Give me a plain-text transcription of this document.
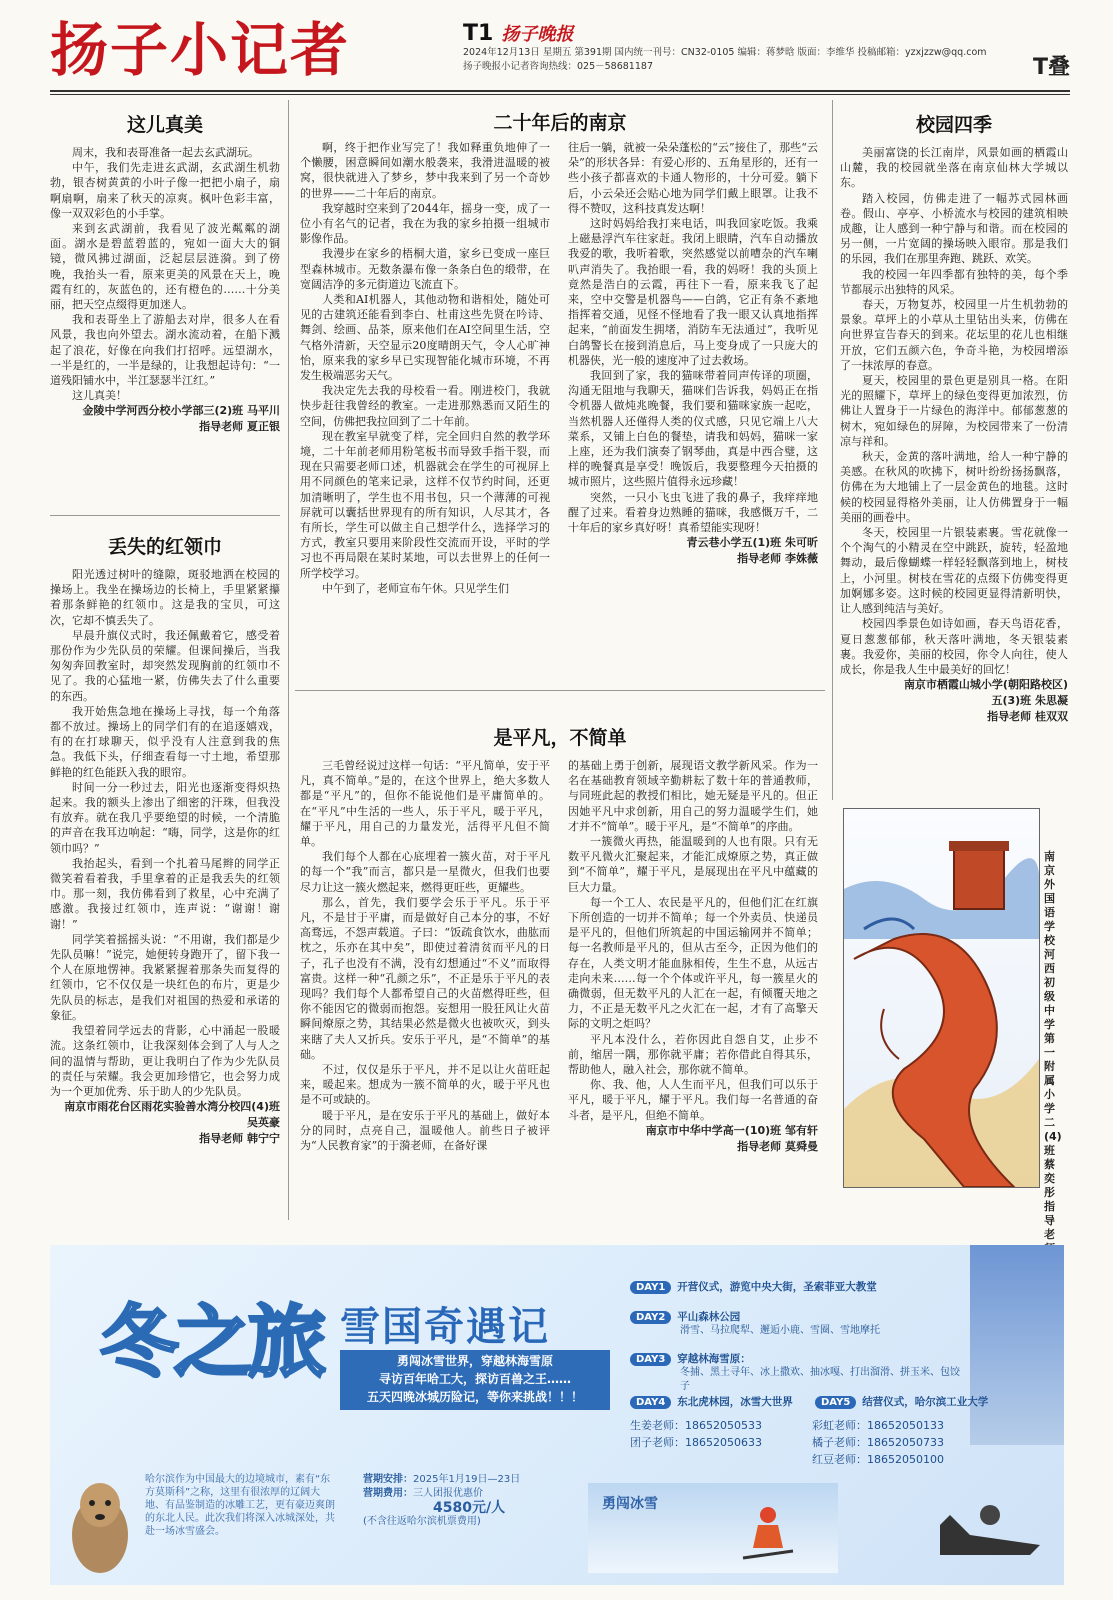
扬子小记者	T1 扬子晚报
2024年12月13日 星期五 第391期 国内统一刊号：CN32-0105 编辑：蒋梦晗 版面：李维华 投稿邮箱：yzxjzzw@qq.com
扬子晚报小记者咨询热线：025－58681187	T叠
这儿真美

周末，我和表哥准备一起去玄武湖玩。

中午，我们先走进玄武湖，玄武湖生机勃勃，银杏树黄黄的小叶子像一把把小扇子，扇啊扇啊，扇来了秋天的凉爽。枫叶色彩丰富，像一双双彩色的小手掌。

来到玄武湖前，我看见了波光粼粼的湖面。湖水是碧蓝碧蓝的，宛如一面大大的铜镜，微风拂过湖面，泛起层层涟漪。到了傍晚，我抬头一看，原来更美的风景在天上，晚霞有红的，灰蓝色的，还有橙色的……十分美丽，把天空点缀得更加迷人。

我和表哥坐上了游船去对岸，很多人在看风景，我也向外望去。湖水流动着，在船下溅起了浪花，好像在向我们打招呼。远望湖水，一半是红的，一半是绿的，让我想起诗句：“一道残阳铺水中，半江瑟瑟半江红。”

这儿真美！

金陵中学河西分校小学部三(2)班 马平川
指导老师 夏正银
丢失的红领巾

阳光透过树叶的缝隙，斑驳地洒在校园的操场上。我坐在操场边的长椅上，手里紧紧攥着那条鲜艳的红领巾。这是我的宝贝，可这次，它却不慎丢失了。

早晨升旗仪式时，我还佩戴着它，感受着那份作为少先队员的荣耀。但课间操后，当我匆匆奔回教室时，却突然发现胸前的红领巾不见了。我的心猛地一紧，仿佛失去了什么重要的东西。

我开始焦急地在操场上寻找，每一个角落都不放过。操场上的同学们有的在追逐嬉戏，有的在打球聊天，似乎没有人注意到我的焦急。我低下头，仔细查看每一寸土地，希望那鲜艳的红色能跃入我的眼帘。

时间一分一秒过去，阳光也逐渐变得炽热起来。我的额头上渗出了细密的汗珠，但我没有放弃。就在我几乎要绝望的时候，一个清脆的声音在我耳边响起：“嗨，同学，这是你的红领巾吗？”

我抬起头，看到一个扎着马尾辫的同学正微笑着看着我，手里拿着的正是我丢失的红领巾。那一刻，我仿佛看到了救星，心中充满了感激。我接过红领巾，连声说：“谢谢！谢谢！”

同学笑着摇摇头说：“不用谢，我们都是少先队员嘛！”说完，她便转身跑开了，留下我一个人在原地愣神。我紧紧握着那条失而复得的红领巾，它不仅仅是一块红色的布片，更是少先队员的标志，是我们对祖国的热爱和承诺的象征。

我望着同学远去的背影，心中涌起一股暖流。这条红领巾，让我深刻体会到了人与人之间的温情与帮助，更让我明白了作为少先队员的责任与荣耀。我会更加珍惜它，也会努力成为一个更加优秀、乐于助人的少先队员。

南京市雨花台区雨花实验善水湾分校四(4)班 吴英豪
指导老师 韩宁宁
二十年后的南京

啊，终于把作业写完了！我如释重负地伸了一个懒腰，困意瞬间如潮水般袭来，我滑进温暖的被窝，很快就进入了梦乡，梦中我来到了另一个奇妙的世界——二十年后的南京。

我穿越时空来到了2044年，摇身一变，成了一位小有名气的记者，我在为我的家乡拍摄一组城市影像作品。

我漫步在家乡的梧桐大道，家乡已变成一座巨型森林城市。无数条瀑布像一条条白色的缎带，在宽阔洁净的多元街道边飞流直下。

人类和AI机器人，其他动物和谐相处，随处可见的古建筑还能看到李白、杜甫这些先贤在吟诗、舞剑、绘画、品茶，原来他们在AI空间里生活，空气格外清新，天空显示20度晴朗天气，令人心旷神怡，原来我的家乡早已实现智能化城市环境，不再发生极端恶劣天气。

我决定先去我的母校看一看。刚进校门，我就快步赶往我曾经的教室。一走进那熟悉而又陌生的空间，仿佛把我拉回到了二十年前。

现在教室早就变了样，完全回归自然的教学环境，二十年前老师用粉笔板书而导致手指干裂，而现在只需要老师口述，机器就会在学生的可视屏上用不同颜色的笔来记录，这样不仅节约时间，还更加清晰明了，学生也不用书包，只一个薄薄的可视屏就可以囊括世界现有的所有知识，人尽其才，各有所长，学生可以做主自己想学什么，选择学习的方式，教室只要用来阶段性交流而开设，平时的学习也不再局限在某时某地，可以去世界上的任何一所学校学习。

中午到了，老师宣布午休。只见学生们

往后一躺，就被一朵朵蓬松的“云”接住了，那些“云朵”的形状各异：有爱心形的、五角星形的，还有一些小孩子都喜欢的卡通人物形的，十分可爱。躺下后，小云朵还会贴心地为同学们戴上眼罩。让我不得不赞叹，这科技真发达啊！

这时妈妈给我打来电话，叫我回家吃饭。我乘上磁悬浮汽车往家赶。我闭上眼睛，汽车自动播放我爱的歌，我听着歌，突然感觉以前嘈杂的汽车喇叭声消失了。我抬眼一看，我的妈呀！我的头顶上竟然是浩白的云霞，再往下一看，原来我飞了起来，空中交警是机器鸟——白鸽，它正有条不紊地指挥着交通，见怪不怪地看了我一眼又认真地指挥起来，“前面发生拥堵，消防车无法通过”，我听见白鸽警长在接到消息后，马上变身成了一只庞大的机器侠，光一般的速度冲了过去救场。

我回到了家，我的猫咪带着同声传译的项圈，沟通无阻地与我聊天，猫咪们告诉我，妈妈正在指令机器人做炖兆晚餐，我们要和猫咪家族一起吃，当然机器人还僅得人类的仪式感，只见它端上八大菜系，又铺上白色的餐垫，请我和妈妈，猫咪一家上座，还为我们演奏了钢琴曲，真是中西合璧，这样的晚餐真是享受！晚饭后，我要整理今天拍摄的城市照片，这些照片值得永远珍藏！

突然，一只小飞虫飞进了我的鼻子，我痒痒地醒了过来。看着身边熟睡的猫咪，我感慨万千，二十年后的家乡真好呀！真希望能实现呀！

青云巷小学五(1)班 朱可昕
指导老师 李姝薇
是平凡，不简单

三毛曾经说过这样一句话：“平凡简单，安于平凡，真不简单。”是的，在这个世界上，绝大多数人都是“平凡”的，但你不能说他们是平庸简单的。在“平凡”中生活的一些人，乐于平凡，暖于平凡，耀于平凡，用自己的力量发光，活得平凡但不简单。

我们每个人都在心底埋着一簇火苗，对于平凡的每一个“我”而言，都只是一星微火，但我们也要尽力让这一簇火燃起来，燃得更旺些，更耀些。

那么，首先，我们要学会乐于平凡。乐于平凡，不是甘于平庸，而是做好自己本分的事，不好高骛远，不怨声载道。子曰：“饭疏食饮水，曲肱而枕之，乐亦在其中矣”，即使过着清贫而平凡的日子，孔子也没有不满，没有幻想通过“不义”而取得富贵。这样一种“孔颜之乐”，不正是乐于平凡的表现吗？我们每个人都希望自己的火苗燃得旺些，但你不能因它的微弱而抱怨。妄想用一股狂风让火苗瞬间燎原之势，其结果必然是微火也被吹灭，到头来瞎了夫人又折兵。安乐于平凡，是“不简单”的基础。

不过，仅仅是乐于平凡，并不足以让火苗旺起来，暖起来。想成为一簇不简单的火，暖于平凡也是不可或缺的。

暖于平凡，是在安乐于平凡的基础上，做好本分的同时，点亮自己，温暖他人。前些日子被评为“人民教育家”的于漪老师，在备好课

的基础上勇于创新，展现语文教学新风采。作为一名在基础教育领域辛勤耕耘了数十年的普通教师，与同班此起的教授们相比，她无疑是平凡的。但正因她平凡中求创新，用自己的努力温暖学生们，她才并不“简单”。暖于平凡，是“不简单”的序曲。

一簇微火再热，能温暖到的人也有限。只有无数平凡微火汇聚起来，才能汇成燎原之势，真正做到“不简单”，耀于平凡，是展现出在平凡中蕴藏的巨大力量。

每一个工人、农民是平凡的，但他们汇在红旗下所创造的一切并不简单；每一个外卖员、快递员是平凡的，但他们所筑起的中国运输网并不简单；每一名教师是平凡的，但从古至今，正因为他们的存在，人类文明才能血脉相传，生生不息，从远古走向未来……每一个个体或许平凡，每一簇星火的确微弱，但无数平凡的人汇在一起，有倾覆天地之力，不正是无数平凡之火汇在一起，才有了高擎天际的文明之炬吗？

平凡本没什么，若你因此自怨自艾，止步不前，缩居一隅，那你就平庸；若你借此自得其乐，帮助他人，融入社会，那你就不简单。

你、我、他，人人生而平凡，但我们可以乐于平凡，暖于平凡，耀于平凡。我们每一名普通的奋斗者，是平凡，但绝不简单。

南京市中华中学高一(10)班 邹有轩
指导老师 莫舜曼
校园四季

美丽富饶的长江南岸，风景如画的栖霞山山麓，我的校园就坐落在南京仙林大学城以东。

踏入校园，仿佛走进了一幅苏式园林画卷。假山、亭亭、小桥流水与校园的建筑相映成趣，让人感到一种宁静与和谐。而在校园的另一侧，一片宽阔的操场映入眼帘。那是我们的乐园，我们在那里奔跑、跳跃、欢笑。

我的校园一年四季都有独特的美，每个季节都展示出独特的风采。

春天，万物复苏，校园里一片生机勃勃的景象。草坪上的小草从土里钻出头来，仿佛在向世界宣告春天的到来。花坛里的花儿也相继开放，它们五颜六色，争奇斗艳，为校园增添了一抹浓厚的春意。

夏天，校园里的景色更是别具一格。在阳光的照耀下，草坪上的绿色变得更加浓烈，仿佛让人置身于一片绿色的海洋中。郁郁葱葱的树木，宛如绿色的屏障，为校园带来了一份清凉与祥和。

秋天，金黄的落叶满地，给人一种宁静的美感。在秋风的吹拂下，树叶纷纷扬扬飘落，仿佛在为大地铺上了一层金黄色的地毯。这时候的校园显得格外美丽，让人仿佛置身于一幅美丽的画卷中。

冬天，校园里一片银装素裹。雪花就像一个个淘气的小精灵在空中跳跃，旋转，轻盈地舞动，最后像蝴蝶一样轻轻飘落到地上，树枝上，小河里。树枝在雪花的点缀下仿佛变得更加婀娜多姿。这时候的校园更显得清新明快，让人感到纯洁与美好。

校园四季景色如诗如画，春天鸟语花香，夏日葱葱郁郁，秋天落叶满地，冬天银装素裹。我爱你，美丽的校园，你令人向往，使人成长，你是我人生中最美好的回忆！

南京市栖霞山城小学(朝阳路校区)
五(3)班 朱思凝
指导老师 桂双双
南京外国语学校河西初级中学第一附属小学二(4)班 蔡奕彤 指导老
冬之旅 雪国奇遇记
勇闯冰雪世界，穿越林海雪原
寻访百年哈工大，探访百兽之王……
五天四晚冰城历险记，等你来挑战！！！
哈尔滨作为中国最大的边境城市，素有“东方莫斯科”之称，这里有很浓厚的辽阔大地、有品鉴制造的冰雕工艺，更有豪迈爽朗的东北人民。此次我们将深入冰城深处，共赴一场冰雪盛会。
营期安排：2025年1月19日—23日
营期费用：三人团报优惠价
4580元/人
(不含往返哈尔滨机票费用)
DAY1 开营仪式，游览中央大街，圣索菲亚大教堂
DAY2 平山森林公园
滑雪、马拉爬犁、邂逅小鹿、雪圈、雪地摩托
DAY3 穿越林海雪原：
冬捕、黑土寻年、冰上撒欢、抽冰嘎、打出溜滑、拼玉米、包饺子
DAY4 东北虎林园，冰雪大世界	DAY5 结营仪式，哈尔滨工业大学
生姜老师：18652050533
团子老师：18652050633
彩虹老师：18652050133
橘子老师：18652050733
红豆老师：18652050100
勇闯冰雪
